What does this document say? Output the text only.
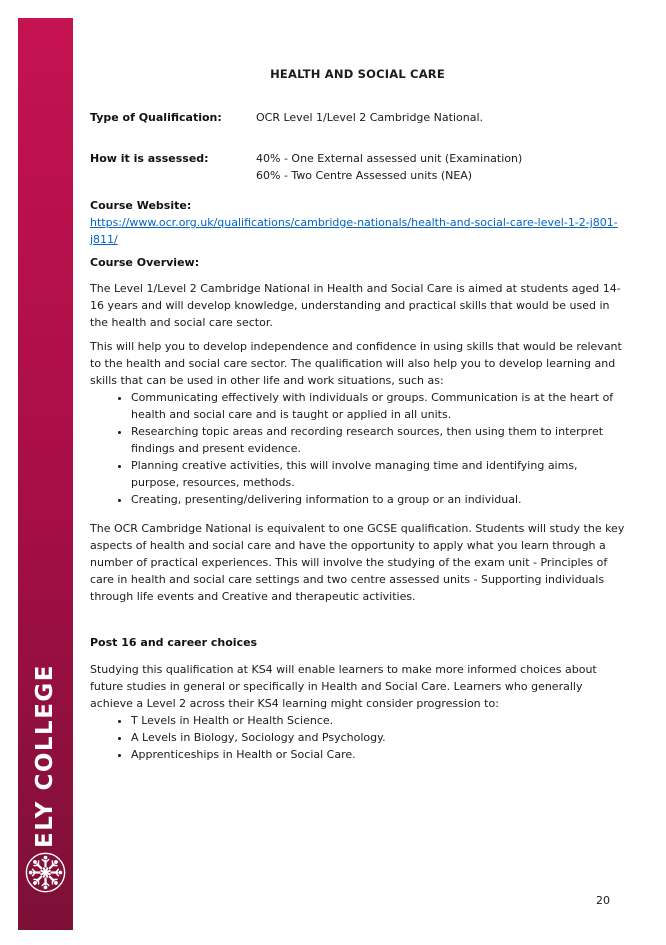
ELY COLLEGE
HEALTH AND SOCIAL CARE
Type of Qualification:	OCR Level 1/Level 2 Cambridge National.
How it is assessed:	40% - One External assessed unit (Examination)
60% - Two Centre Assessed units (NEA)
Course Website:
https://www.ocr.org.uk/qualifications/cambridge-nationals/health-and-social-care-level-1-2-j801-j811/
Course Overview:

The Level 1/Level 2 Cambridge National in Health and Social Care is aimed at students aged 14-16 years and will develop knowledge, understanding and practical skills that would be used in the health and social care sector.

This will help you to develop independence and confidence in using skills that would be relevant to the health and social care sector. The qualification will also help you to develop learning and skills that can be used in other life and work situations, such as:

• Communicating effectively with individuals or groups. Communication is at the heart of health and social care and is taught or applied in all units.
• Researching topic areas and recording research sources, then using them to interpret findings and present evidence.
• Planning creative activities, this will involve managing time and identifying aims, purpose, resources, methods.
• Creating, presenting/delivering information to a group or an individual.

The OCR Cambridge National is equivalent to one GCSE qualification. Students will study the key aspects of health and social care and have the opportunity to apply what you learn through a number of practical experiences. This will involve the studying of the exam unit - Principles of care in health and social care settings and two centre assessed units - Supporting individuals through life events and Creative and therapeutic activities.

Post 16 and career choices

Studying this qualification at KS4 will enable learners to make more informed choices about future studies in general or specifically in Health and Social Care. Learners who generally achieve a Level 2 across their KS4 learning might consider progression to:

• T Levels in Health or Health Science.
• A Levels in Biology, Sociology and Psychology.
• Apprenticeships in Health or Social Care.
20
